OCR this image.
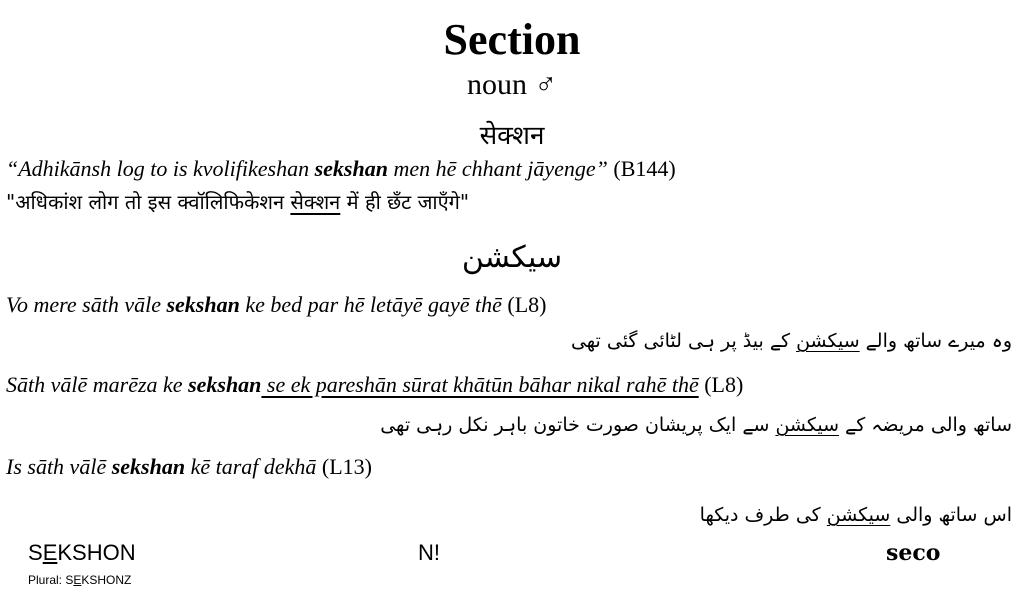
Section
noun ♂
सेक्शन
“Adhikānsh log to is kvolifikeshan sekshan men hē chhant jāyenge” (B144)
"अधिकांश लोग तो इस क्वॉलिफिकेशन सेक्शन में ही छँट जाएँगे"
سیکشن
Vo mere sāth vāle sekshan ke bed par hē letāyē gayē thē (L8)
وہ میرے ساتھ والے سیکشن کے بیڈ پر ہی لٹائی گئی تھی
Sāth vālē marēza ke sekshan se ek pareshān sūrat khātūn bāhar nikal rahē thē (L8)
ساتھ والی مریضہ کے سیکشن سے ایک پریشان صورت خاتون باہر نکل رہی تھی
Is sāth vālē sekshan kē taraf dekhā (L13)
اس ساتھ والی سیکشن کی طرف دیکھا
SEKSHON
Plural: SEKSHONZ
N!	seco
